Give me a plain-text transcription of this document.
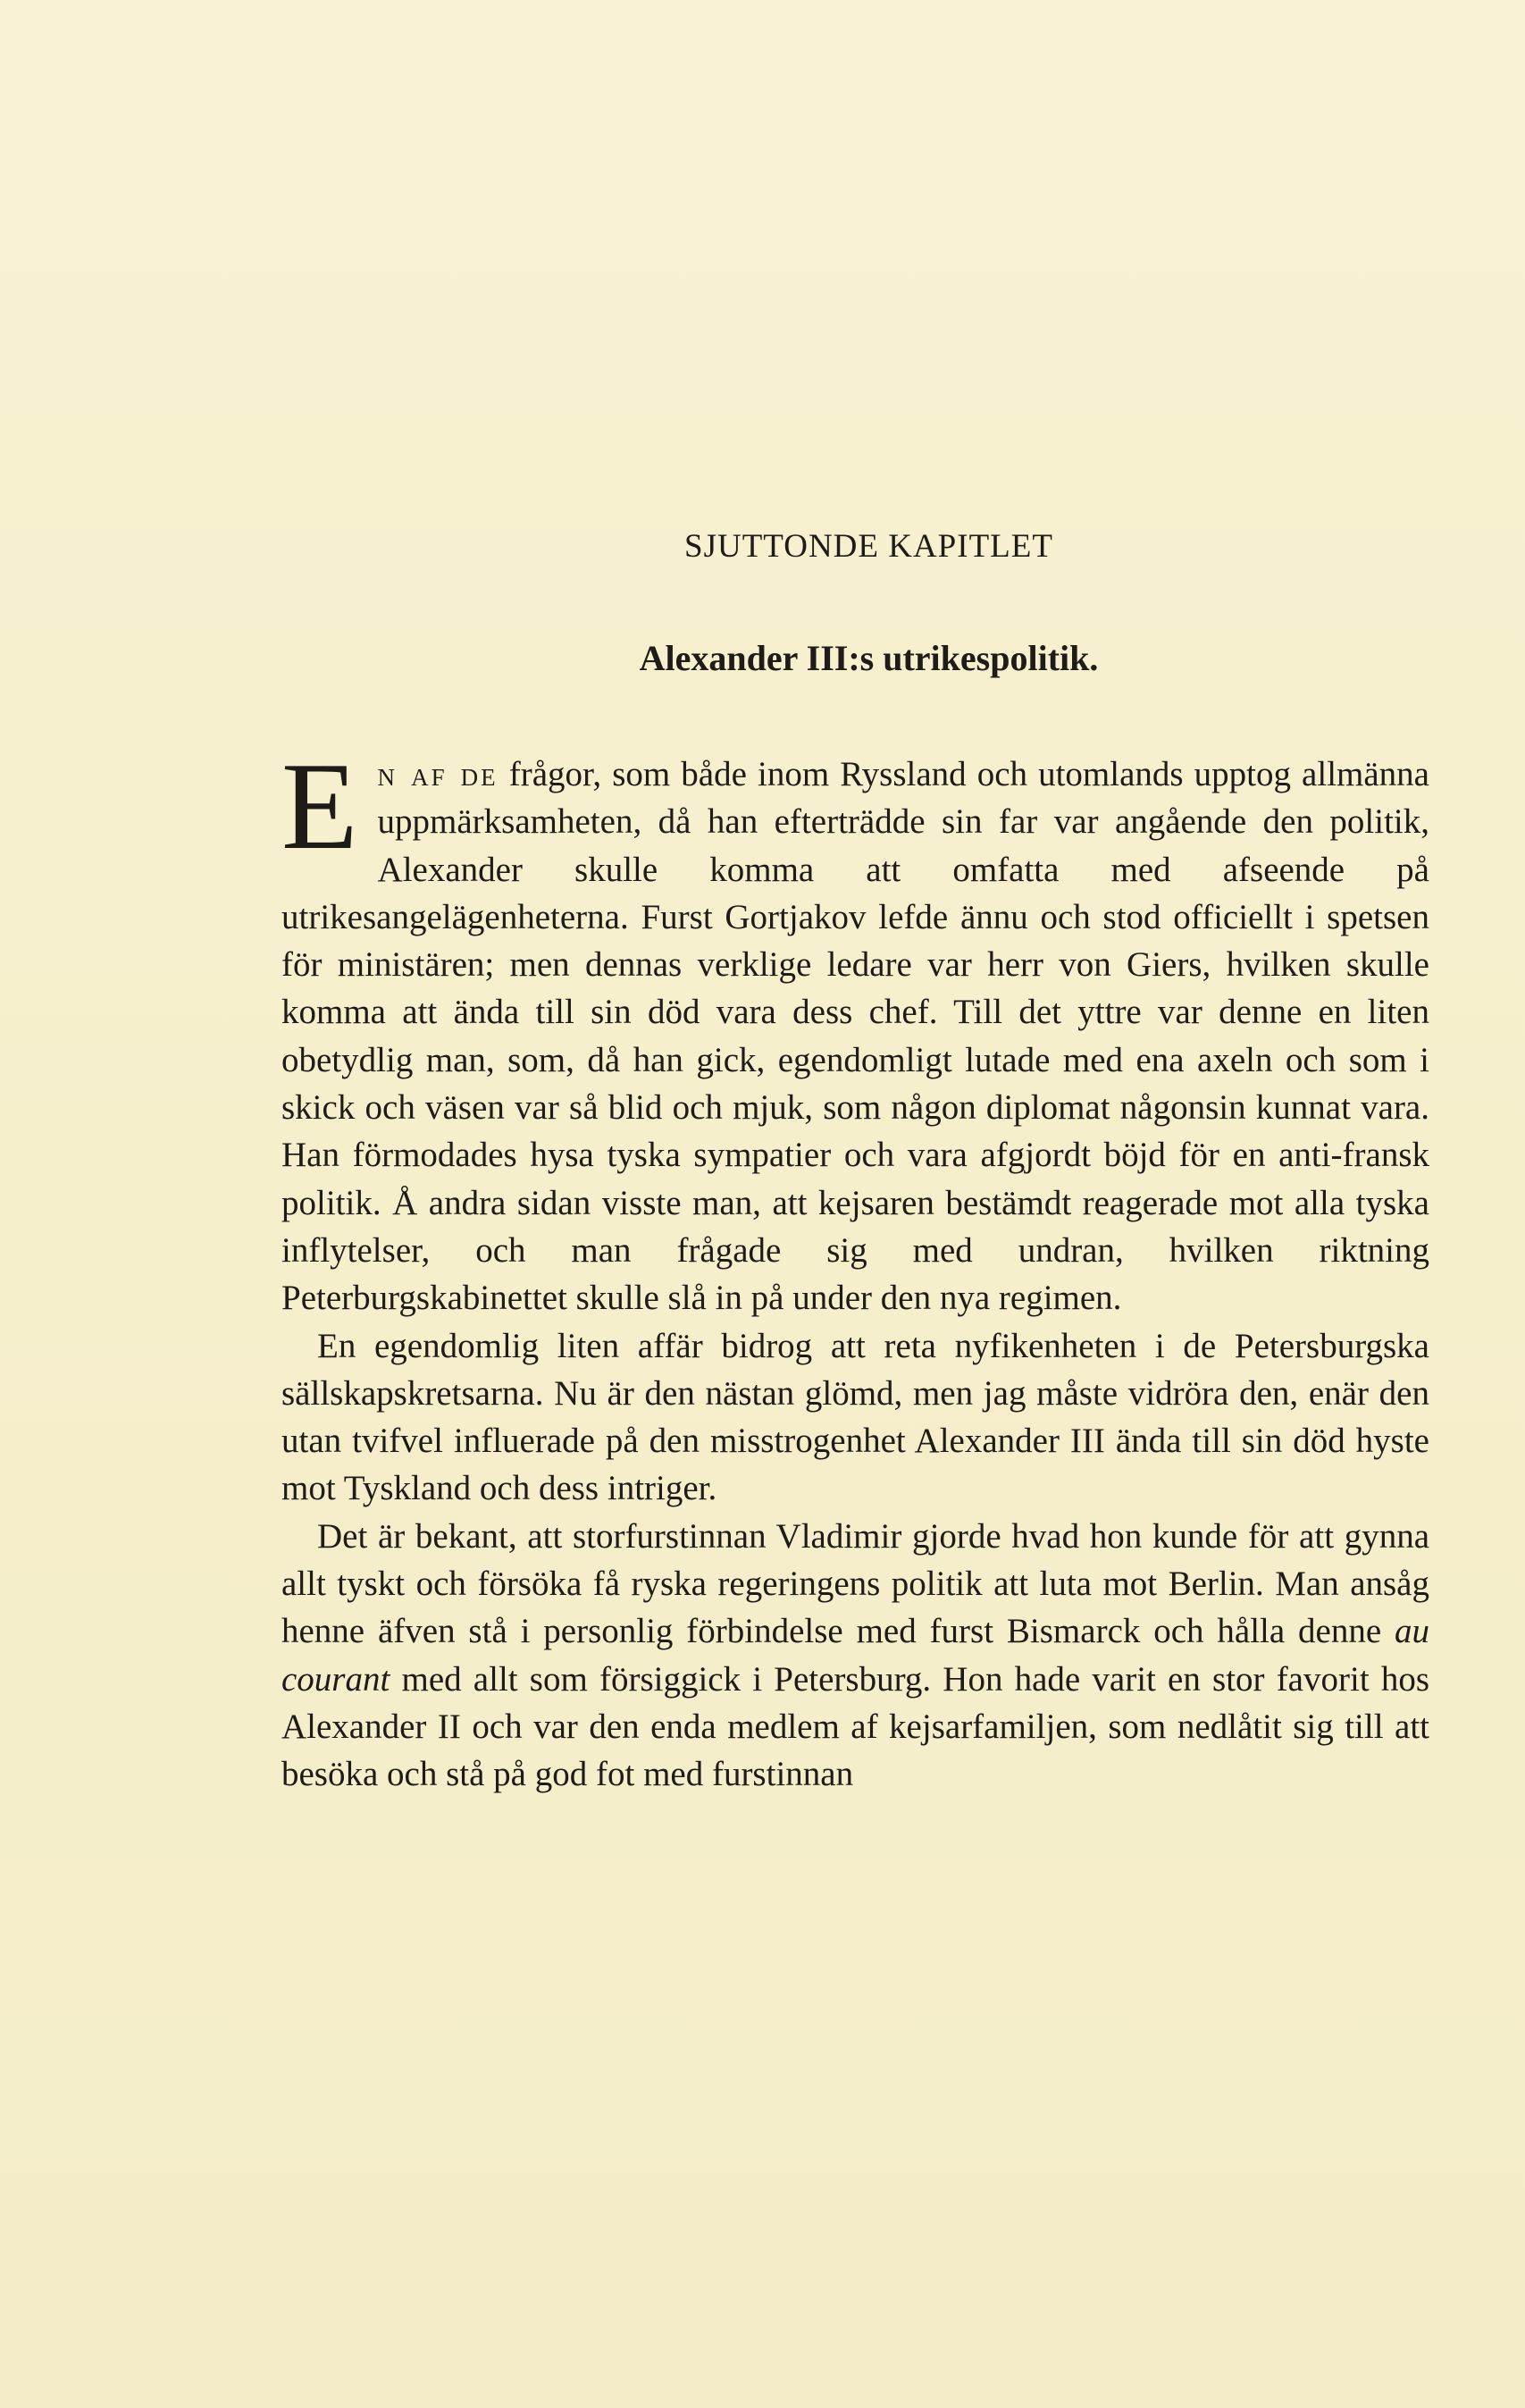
SJUTTONDE KAPITLET
Alexander III:s utrikespolitik.

En af de frågor, som både inom Ryssland och utomlands upptog allmänna uppmärksamheten, då han efterträdde sin far var angående den politik, Alexander skulle komma att omfatta med afseende på utrikesangelägenheterna. Furst Gortjakov lefde ännu och stod officiellt i spetsen för ministären; men dennas verklige ledare var herr von Giers, hvilken skulle komma att ända till sin död vara dess chef. Till det yttre var denne en liten obetydlig man, som, då han gick, egendomligt lutade med ena axeln och som i skick och väsen var så blid och mjuk, som någon diplomat någonsin kunnat vara. Han förmodades hysa tyska sympatier och vara afgjordt böjd för en anti-fransk politik. Å andra sidan visste man, att kejsaren bestämdt reagerade mot alla tyska inflytelser, och man frågade sig med undran, hvilken riktning Peterburgskabinettet skulle slå in på under den nya regimen.

En egendomlig liten affär bidrog att reta nyfikenheten i de Petersburgska sällskapskretsarna. Nu är den nästan glömd, men jag måste vidröra den, enär den utan tvifvel influerade på den misstrogenhet Alexander III ända till sin död hyste mot Tyskland och dess intriger.

Det är bekant, att storfurstinnan Vladimir gjorde hvad hon kunde för att gynna allt tyskt och försöka få ryska regeringens politik att luta mot Berlin. Man ansåg henne äfven stå i personlig förbindelse med furst Bismarck och hålla denne au courant med allt som försiggick i Petersburg. Hon hade varit en stor favorit hos Alexander II och var den enda medlem af kejsarfamiljen, som nedlåtit sig till att besöka och stå på god fot med furstinnan
